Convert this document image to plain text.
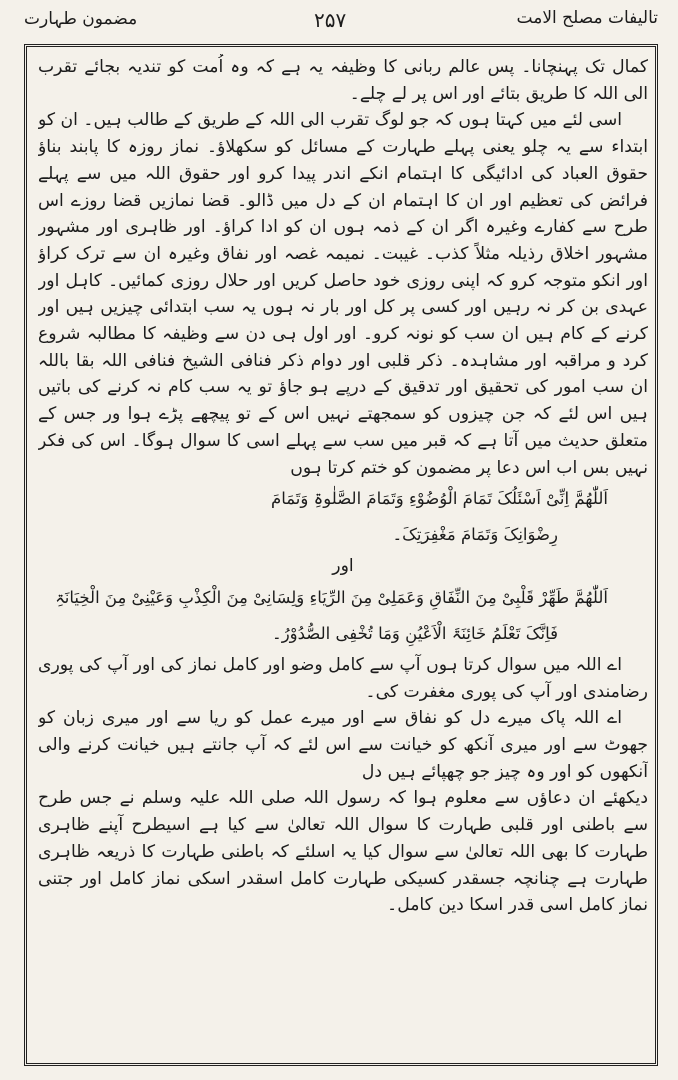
تالیفات مصلح الامت
۲۵۷
مضمون طہارت

کمال تک پہنچانا۔ پس عالم ربانی کا وظیفہ یہ ہے کہ وہ اُمت کو تندیہ بجائے تقرب الی اللہ کا طریق بتائے اور اس پر لے چلے۔

اسی لئے میں کہتا ہوں کہ جو لوگ تقرب الی اللہ کے طریق کے طالب ہیں۔ ان کو ابتداء سے یہ چلو یعنی پہلے طہارت کے مسائل کو سکھلاؤ۔ نماز روزہ کا پابند بناؤ حقوق العباد کی ادائیگی کا اہتمام انکے اندر پیدا کرو اور حقوق اللہ میں سے پہلے فرائض کی تعظیم اور ان کا اہتمام ان کے دل میں ڈالو۔ قضا نمازیں قضا روزے اس طرح سے کفارے وغیرہ اگر ان کے ذمہ ہوں ان کو ادا کراؤ۔ اور ظاہری اور مشہور مشہور اخلاق رذیلہ مثلاً کذب۔ غیبت۔ نمیمہ غصہ اور نفاق وغیرہ ان سے ترک کراؤ اور انکو متوجہ کرو کہ اپنی روزی خود حاصل کریں اور حلال روزی کمائیں۔ کاہل اور عہدی بن کر نہ رہیں اور کسی پر کل اور بار نہ ہوں یہ سب ابتدائی چیزیں ہیں اور کرنے کے کام ہیں ان سب کو نونہ کرو۔ اور اول ہی دن سے وظیفہ کا مطالبہ شروع کرد و مراقبہ اور مشاہدہ۔ ذکر قلبی اور دوام ذکر فنافی الشیخ فنافی اللہ بقا باللہ ان سب امور کی تحقیق اور تدقیق کے درپے ہو جاؤ تو یہ سب کام نہ کرنے کی باتیں ہیں اس لئے کہ جن چیزوں کو سمجھتے نہیں اس کے تو پیچھے پڑے ہوا ور جس کے متعلق حدیث میں آتا ہے کہ قبر میں سب سے پہلے اسی کا سوال ہوگا۔ اس کی فکر نہیں بس اب اس دعا پر مضمون کو ختم کرتا ہوں

اَللّٰھُمَّ اِنِّیْ اَسْئَلُکَ تَمَامَ الْوُضُوْءِ وَتَمَامَ الصَّلٰوۃِ وَتَمَامَ

رِضْوَانِکَ وَتَمَامَ مَغْفِرَتِکَ۔

اور

اَللّٰھُمَّ طَھِّرْ قَلْبِیْ مِنَ النِّفَاقِ وَعَمَلِیْ مِنَ الرِّیَاءِ وَلِسَانِیْ مِنَ الْکِذْبِ وَعَیْنِیْ مِنَ الْخِیَانَۃِ

فَاِنَّکَ تَعْلَمُ خَائِنَۃَ الْاَعْیُنِ وَمَا تُخْفِی الصُّدُوْرُ۔

اے اللہ میں سوال کرتا ہوں آپ سے کامل وضو اور کامل نماز کی اور آپ کی پوری رضامندی اور آپ کی پوری مغفرت کی۔

اے اللہ پاک میرے دل کو نفاق سے اور میرے عمل کو ریا سے اور میری زبان کو جھوٹ سے اور میری آنکھ کو خیانت سے اس لئے کہ آپ جانتے ہیں خیانت کرنے والی آنکھوں کو اور وہ چیز جو چھپائے ہیں دل

دیکھئے ان دعاؤں سے معلوم ہوا کہ رسول اللہ صلی اللہ علیہ وسلم نے جس طرح سے باطنی اور قلبی طہارت کا سوال اللہ تعالیٰ سے کیا ہے اسیطرح آپنے ظاہری طہارت کا بھی اللہ تعالیٰ سے سوال کیا یہ اسلئے کہ باطنی طہارت کا ذریعہ ظاہری طہارت ہے چنانچہ جسقدر کسیکی طہارت کامل اسقدر اسکی نماز کامل اور جتنی نماز کامل اسی قدر اسکا دین کامل۔
